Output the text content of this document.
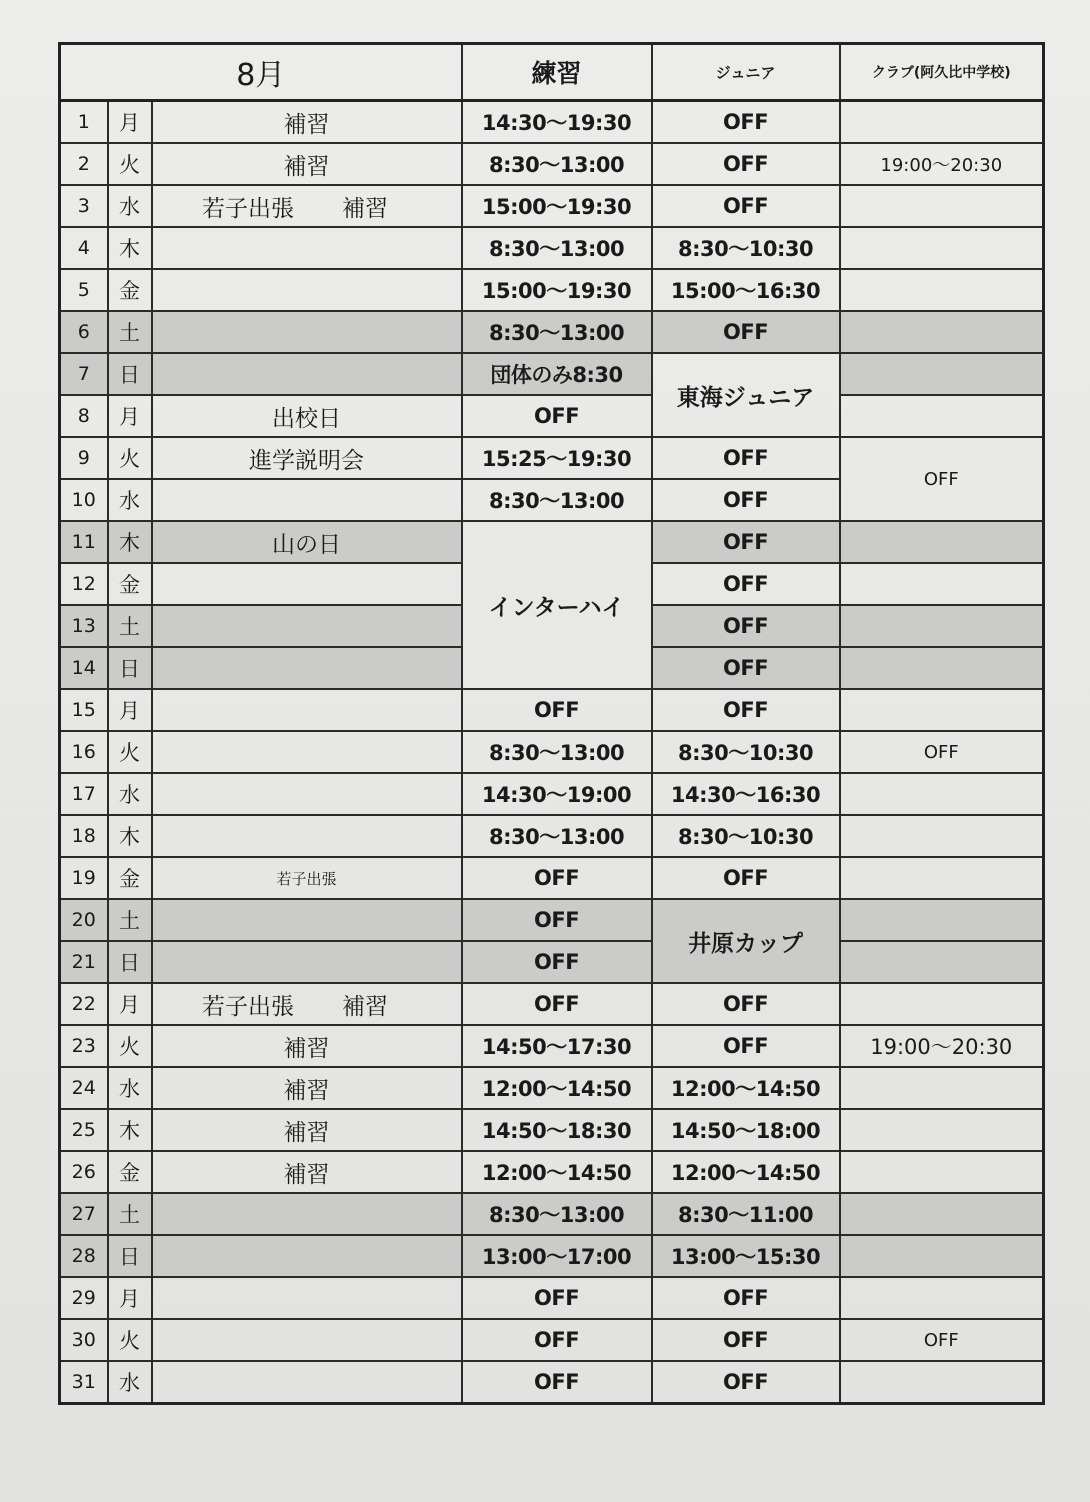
8月			練習	ジュニア	クラブ(阿久比中学校)
1	月	補習	14:30〜19:30	OFF	
2	火	補習	8:30〜13:00	OFF	19:00〜20:30
3	水	若子出張 補習	15:00〜19:30	OFF	
4	木		8:30〜13:00	8:30〜10:30	
5	金		15:00〜19:30	15:00〜16:30	
6	土		8:30〜13:00	OFF	
7	日		団体のみ8:30	東海ジュニア	
8	月	出校日	OFF		
9	火	進学説明会	15:25〜19:30	OFF	OFF
10	水		8:30〜13:00	OFF	
11	木	山の日	インターハイ	OFF	
12	金			OFF	
13	土			OFF	
14	日			OFF	
15	月		OFF	OFF	
16	火		8:30〜13:00	8:30〜10:30	OFF
17	水		14:30〜19:00	14:30〜16:30	
18	木		8:30〜13:00	8:30〜10:30	
19	金	若子出張	OFF	OFF	
20	土		OFF	井原カップ	
21	日		OFF		
22	月	若子出張 補習	OFF	OFF	
23	火	補習	14:50〜17:30	OFF	19:00〜20:30
24	水	補習	12:00〜14:50	12:00〜14:50	
25	木	補習	14:50〜18:30	14:50〜18:00	
26	金	補習	12:00〜14:50	12:00〜14:50	
27	土		8:30〜13:00	8:30〜11:00	
28	日		13:00〜17:00	13:00〜15:30	
29	月		OFF	OFF	
30	火		OFF	OFF	OFF
31	水		OFF	OFF	
